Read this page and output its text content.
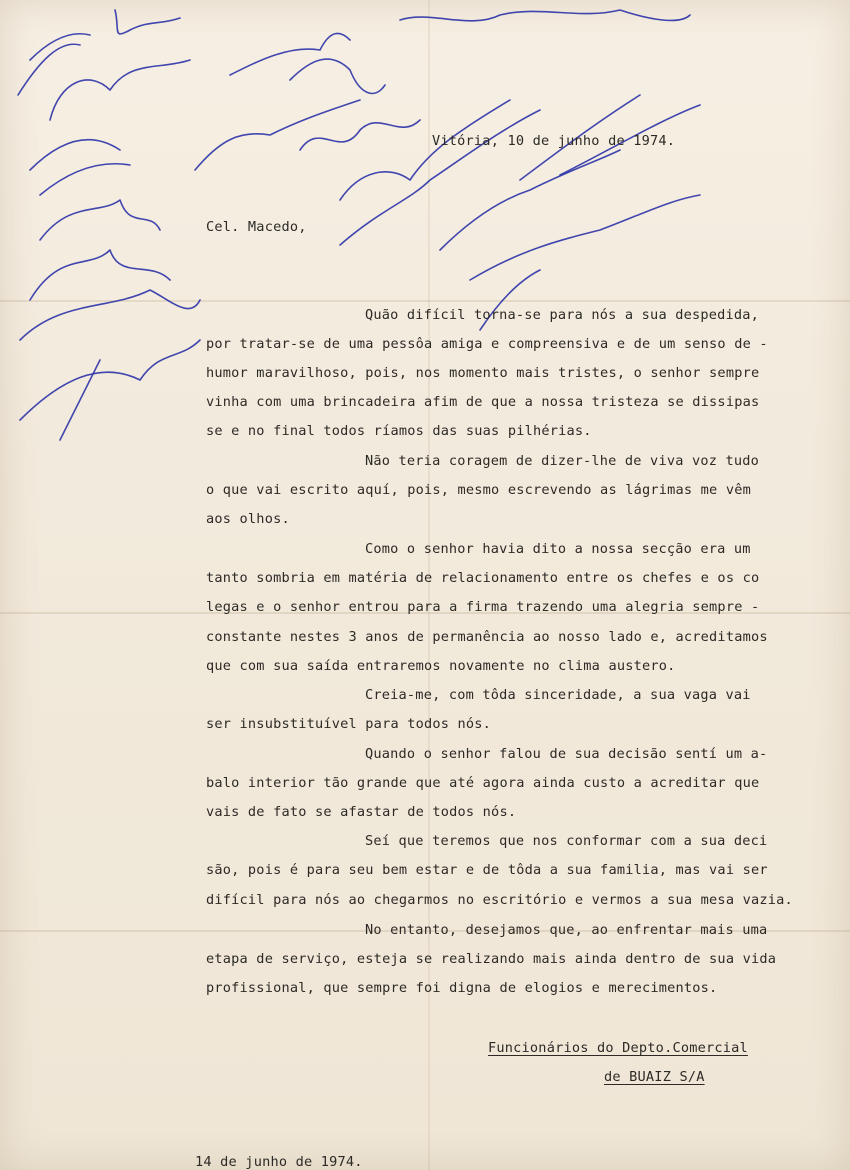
Vitória, 10 de junho de 1974.
Cel. Macedo,
Quão difícil torna-se para nós a sua despedida,
por tratar-se de uma pessôa amiga e compreensiva e de um senso de -
humor maravilhoso, pois, nos momento mais tristes, o senhor sempre
vinha com uma brincadeira afim de que a nossa tristeza se dissipas
se e no final todos ríamos das suas pilhérias.
Não teria coragem de dizer-lhe de viva voz tudo
o que vai escrito aquí, pois, mesmo escrevendo as lágrimas me vêm
aos olhos.
Como o senhor havia dito a nossa secção era um
tanto sombria em matéria de relacionamento entre os chefes e os co
legas e o senhor entrou para a firma trazendo uma alegria sempre -
constante nestes 3 anos de permanência ao nosso lado e, acreditamos
que com sua saída entraremos novamente no clima austero.
Creia-me, com tôda sinceridade, a sua vaga vai
ser insubstituível para todos nós.
Quando o senhor falou de sua decisão sentí um a-
balo interior tão grande que até agora ainda custo a acreditar que
vais de fato se afastar de todos nós.
Seí que teremos que nos conformar com a sua deci
são, pois é para seu bem estar e de tôda a sua familia, mas vai ser
difícil para nós ao chegarmos no escritório e vermos a sua mesa vazia.
No entanto, desejamos que, ao enfrentar mais uma
etapa de serviço, esteja se realizando mais ainda dentro de sua vida
profissional, que sempre foi digna de elogios e merecimentos.
Funcionários do Depto.Comercial
de BUAIZ S/A
14 de junho de 1974.
